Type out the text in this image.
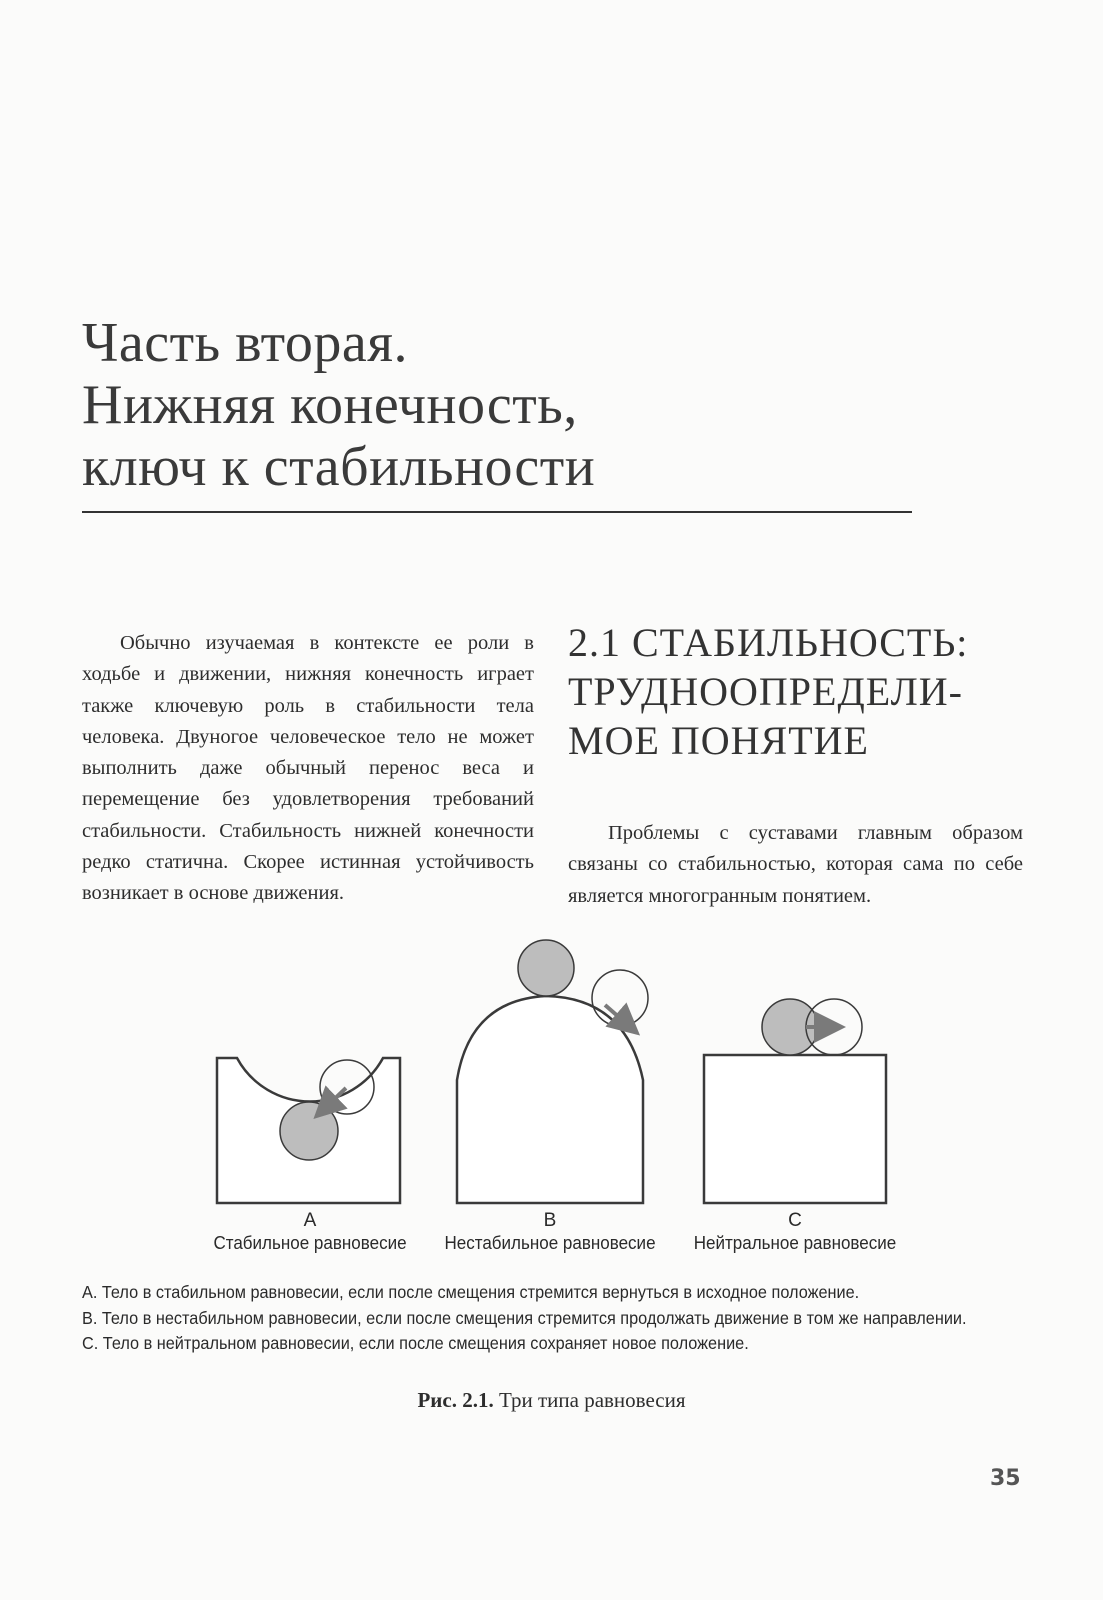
Часть вторая.
Нижняя конечность,
ключ к стабильности
Обычно изучаемая в контексте ее роли в ходьбе и движении, нижняя конечность играет также ключевую роль в стабильности тела человека. Двуногое человеческое тело не может выполнить даже обычный перенос веса и перемещение без удовлетворения требований стабильности. Стабильность нижней конечности редко статична. Скорее истинная устойчивость возникает в основе движения.
2.1 СТАБИЛЬНОСТЬ:
ТРУДНООПРЕДЕЛИ-
МОЕ ПОНЯТИЕ
Проблемы с суставами главным образом связаны со стабильностью, которая сама по себе является многогранным понятием.
A
Стабильное равновесие
B
Нестабильное равновесие
C
Нейтральное равновесие
А. Тело в стабильном равновесии, если после смещения стремится вернуться в исходное положение.
В. Тело в нестабильном равновесии, если после смещения стремится продолжать движение в том же направлении.
С. Тело в нейтральном равновесии, если после смещения сохраняет новое положение.
Рис. 2.1. Три типа равновесия
35
